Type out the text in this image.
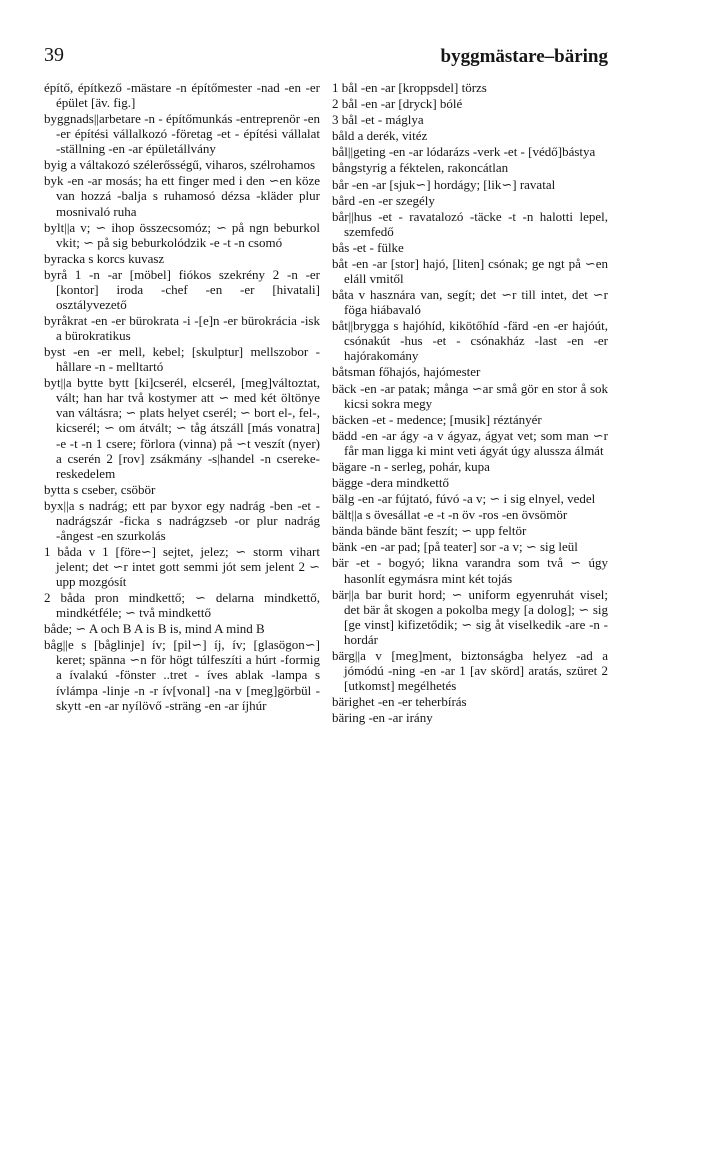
39	byggmästare–bäring

építő, építkező -mästare -n építőmester -nad -en -er épület [äv. fig.]

byggnads||arbetare -n - építőmunkás -entreprenör -en -er építési vállalkozó -företag -et - építési vállalat -ställning -en -ar épületállvány

byig a váltakozó szélerősségű, viharos, szélrohamos

byk -en -ar mosás; ha ett finger med i den ∽en köze van hozzá -balja s ruhamosó dézsa -kläder plur mosnivaló ruha

bylt||a v; ∽ ihop összecsomóz; ∽ på ngn beburkol vkit; ∽ på sig beburkolódzik -e -t -n csomó

byracka s korcs kuvasz

byrå 1 -n -ar [möbel] fiókos szekrény 2 -n -er [kontor] iroda -chef -en -er [hivatali] osztályvezető

byråkrat -en -er bürokrata -i -[e]n -er bürokrácia -isk a bürokratikus

byst -en -er mell, kebel; [skulptur] mellszobor -hållare -n - melltartó

byt||a bytte bytt [ki]cserél, elcserél, [meg]változtat, vált; han har två kostymer att ∽ med két öltönye van váltásra; ∽ plats helyet cserél; ∽ bort el-, fel-, kicserél; ∽ om átvált; ∽ tåg átszáll [más vonatra] -e -t -n 1 csere; förlora (vinna) på ∽t veszít (nyer) a cserén 2 [rov] zsákmány -s|handel -n cserekereskedelem

bytta s cseber, csöbör

byx||a s nadrág; ett par byxor egy nadrág -ben -et - nadrágszár -ficka s nadrágzseb -or plur nadrág -ångest -en szurkolás

1 båda v 1 [före∽] sejtet, jelez; ∽ storm vihart jelent; det ∽r intet gott semmi jót sem jelent 2 ∽ upp mozgósít

2 båda pron mindkettő; ∽ delarna mindkettő, mindkétféle; ∽ två mindkettő

både; ∽ A och B A is B is, mind A mind B

båg||e s [båglinje] ív; [pil∽] íj, ív; [glasögon∽] keret; spänna ∽n för högt túlfeszíti a húrt -formig a ívalakú -fönster ..tret - íves ablak -lampa s ívlámpa -linje -n -r ív[vonal] -na v [meg]görbül -skytt -en -ar nyílövő -sträng -en -ar íjhúr

1 bål -en -ar [kroppsdel] törzs

2 bål -en -ar [dryck] bólé

3 bål -et - máglya

båld a derék, vitéz

bål||geting -en -ar lódarázs -verk -et - [védő]bástya

bångstyrig a féktelen, rakoncátlan

bår -en -ar [sjuk∽] hordágy; [lik∽] ravatal

bård -en -er szegély

bår||hus -et - ravatalozó -täcke -t -n halotti lepel, szemfedő

bås -et - fülke

båt -en -ar [stor] hajó, [liten] csónak; ge ngt på ∽en eláll vmitől

båta v hasznára van, segít; det ∽r till intet, det ∽r föga hiábavaló

båt||brygga s hajóhíd, kikötőhíd -färd -en -er hajóút, csónakút -hus -et - csónakház -last -en -er hajórakomány

båtsman főhajós, hajómester

bäck -en -ar patak; många ∽ar små gör en stor å sok kicsi sokra megy

bäcken -et - medence; [musik] réztányér

bädd -en -ar ágy -a v ágyaz, ágyat vet; som man ∽r får man ligga ki mint veti ágyát úgy alussza álmát

bägare -n - serleg, pohár, kupa

bägge -dera mindkettő

bälg -en -ar fújtató, fúvó -a v; ∽ i sig elnyel, vedel

bält||a s övesállat -e -t -n öv -ros -en övsömör

bända bände bänt feszít; ∽ upp feltör

bänk -en -ar pad; [på teater] sor -a v; ∽ sig leül

bär -et - bogyó; likna varandra som två ∽ úgy hasonlít egymásra mint két tojás

bär||a bar burit hord; ∽ uniform egyenruhát visel; det bär åt skogen a pokolba megy [a dolog]; ∽ sig [ge vinst] kifizetődik; ∽ sig åt viselkedik -are -n - hordár

bärg||a v [meg]ment, biztonságba helyez -ad a jómódú -ning -en -ar 1 [av skörd] aratás, szüret 2 [utkomst] megélhetés

bärighet -en -er teherbírás

bäring -en -ar irány
